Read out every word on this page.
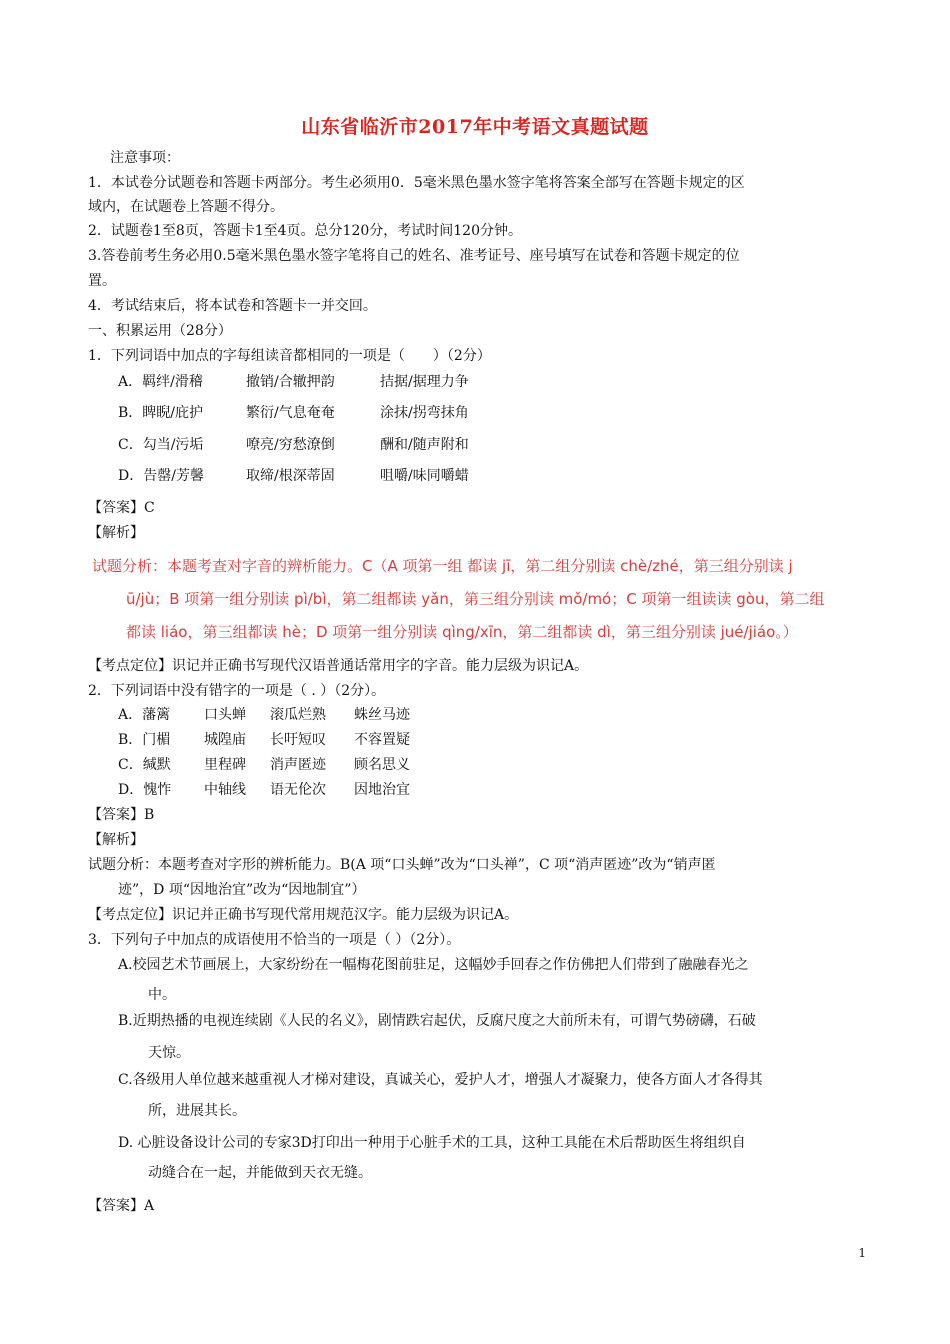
山东省临沂市2017年中考语文真题试题
注意事项：
1．本试卷分试题卷和答题卡两部分。考生必须用0．5毫米黑色墨水签字笔将答案全部写在答题卡规定的区
域内，在试题卷上答题不得分。
2．试题卷1至8页，答题卡1至4页。总分120分，考试时间120分钟。
3.答卷前考生务必用0.5毫米黑色墨水签字笔将自己的姓名、准考证号、座号填写在试卷和答题卡规定的位
置。
4．考试结束后，将本试卷和答题卡一并交回。
一、积累运用（28分）
1．下列词语中加点的字每组读音都相同的一项是（　　）（2分）
A．羁绊/滑稽	撤销/合辙押韵	拮据/据理力争
B．睥睨/庇护	繁衍/气息奄奄	涂抹/拐弯抹角
C．勾当/污垢	嘹亮/穷愁潦倒	酬和/随声附和
D．告罄/芳馨	取缔/根深蒂固	咀嚼/味同嚼蜡
【答案】C
【解析】
试题分析：本题考查对字音的辨析能力。C（A 项第一组 都读 jī，第二组分别读 chè/zhé，第三组分别读 j
ū/jù；B 项第一组分别读 pì/bì，第二组都读 yǎn，第三组分别读 mǒ/mó；C 项第一组读读 gòu，第二组
都读 liáo，第三组都读 hè；D 项第一组分别读 qìng/xīn，第二组都读 dì，第三组分别读 jué/jiáo。）
【考点定位】识记并正确书写现代汉语普通话常用字的字音。能力层级为识记A。
2．下列词语中没有错字的一项是（ . ）（2分）。
A．藩篱 口头蝉 滚瓜烂熟 蛛丝马迹
B．门楣 城隍庙 长吁短叹 不容置疑
C．缄默 里程碑 消声匿迹 顾名思义
D．愧怍 中轴线 语无伦次 因地治宜
【答案】B
【解析】
试题分析：本题考查对字形的辨析能力。B(A 项“口头蝉”改为“口头禅”，C 项“消声匿迹”改为“销声匿
迹”，D 项“因地治宜”改为“因地制宜”）
【考点定位】识记并正确书写现代常用规范汉字。能力层级为识记A。
3．下列句子中加点的成语使用不恰当的一项是（ ）（2分）。
A.校园艺术节画展上，大家纷纷在一幅梅花图前驻足，这幅妙手回春之作仿佛把人们带到了融融春光之
中。
B.近期热播的电视连续剧《人民的名义》，剧情跌宕起伏，反腐尺度之大前所未有，可谓气势磅礴，石破
天惊。
C.各级用人单位越来越重视人才梯对建设，真诚关心，爱护人才，增强人才凝聚力，使各方面人才各得其
所，进展其长。
D. 心脏设备设计公司的专家3D打印出一种用于心脏手术的工具，这种工具能在术后帮助医生将组织自
动缝合在一起，并能做到天衣无缝。
【答案】A
1
